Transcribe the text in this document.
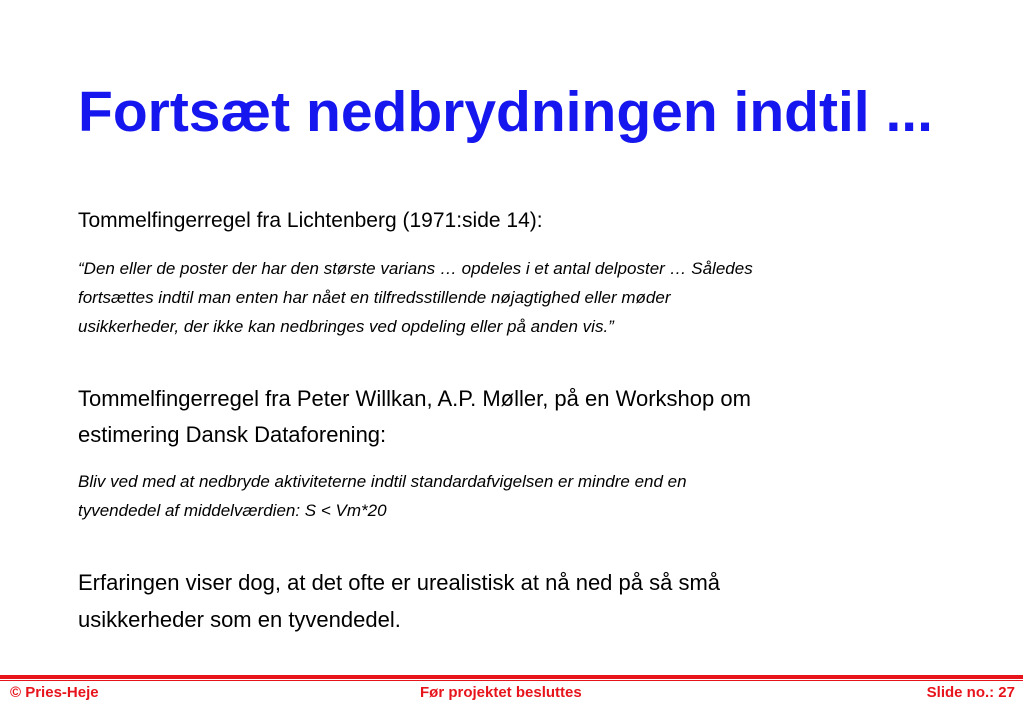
Fortsæt nedbrydningen indtil ...

Tommelfingerregel fra Lichtenberg (1971:side 14):

“Den eller de poster der har den største varians … opdeles i et antal delposter … Således
fortsættes indtil man enten har nået en tilfredsstillende nøjagtighed eller møder
usikkerheder, der ikke kan nedbringes ved opdeling eller på anden vis.”

Tommelfingerregel fra Peter Willkan, A.P. Møller, på en Workshop om
estimering Dansk Dataforening:

Bliv ved med at nedbryde aktiviteterne indtil standardafvigelsen er mindre end en
tyvendedel af middelværdien: S < Vm*20

Erfaringen viser dog, at det ofte er urealistisk at nå ned på så små
usikkerheder som en tyvendedel.

© Pries-Heje	Før projektet besluttes	Slide no.: 27
